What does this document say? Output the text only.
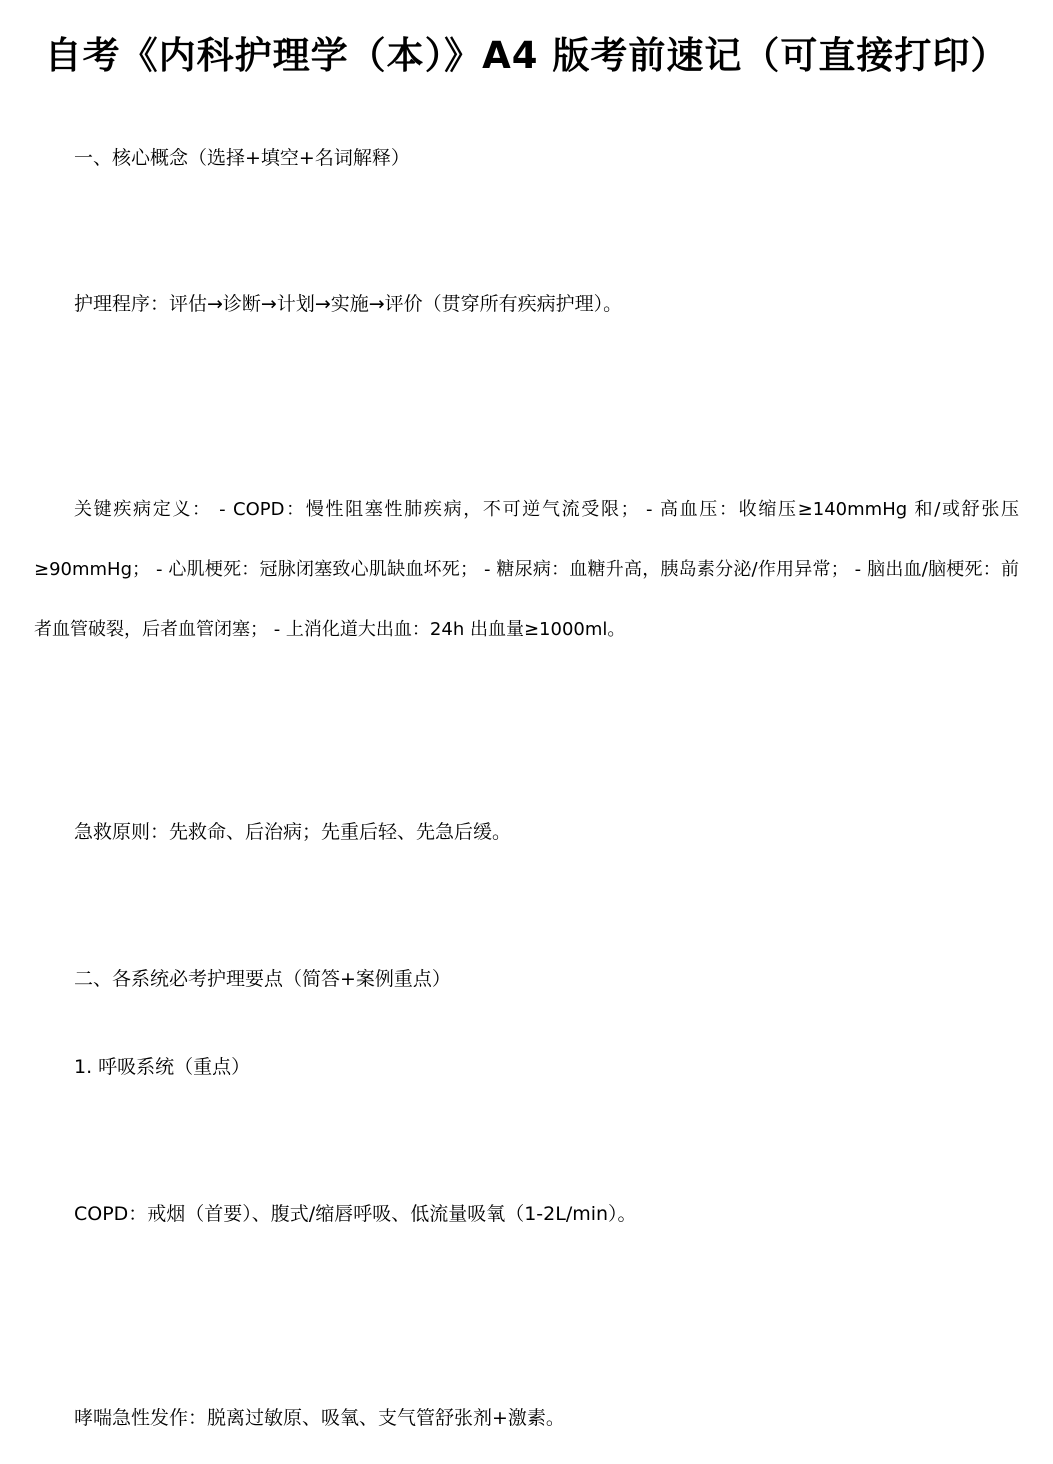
自考《内科护理学（本）》A4 版考前速记（可直接打印）
一、核心概念（选择+填空+名词解释）
护理程序：评估→诊断→计划→实施→评价（贯穿所有疾病护理）。
关键疾病定义： - COPD：慢性阻塞性肺疾病，不可逆气流受限； - 高血压：收缩压≥140mmHg 和/或舒张压≥90mmHg； - 心肌梗死：冠脉闭塞致心肌缺血坏死； - 糖尿病：血糖升高，胰岛素分泌/作用异常； - 脑出血/脑梗死：前者血管破裂，后者血管闭塞； - 上消化道大出血：24h 出血量≥1000ml。
急救原则：先救命、后治病；先重后轻、先急后缓。
二、各系统必考护理要点（简答+案例重点）
1. 呼吸系统（重点）
COPD：戒烟（首要）、腹式/缩唇呼吸、低流量吸氧（1-2L/min）。
哮喘急性发作：脱离过敏原、吸氧、支气管舒张剂+激素。
